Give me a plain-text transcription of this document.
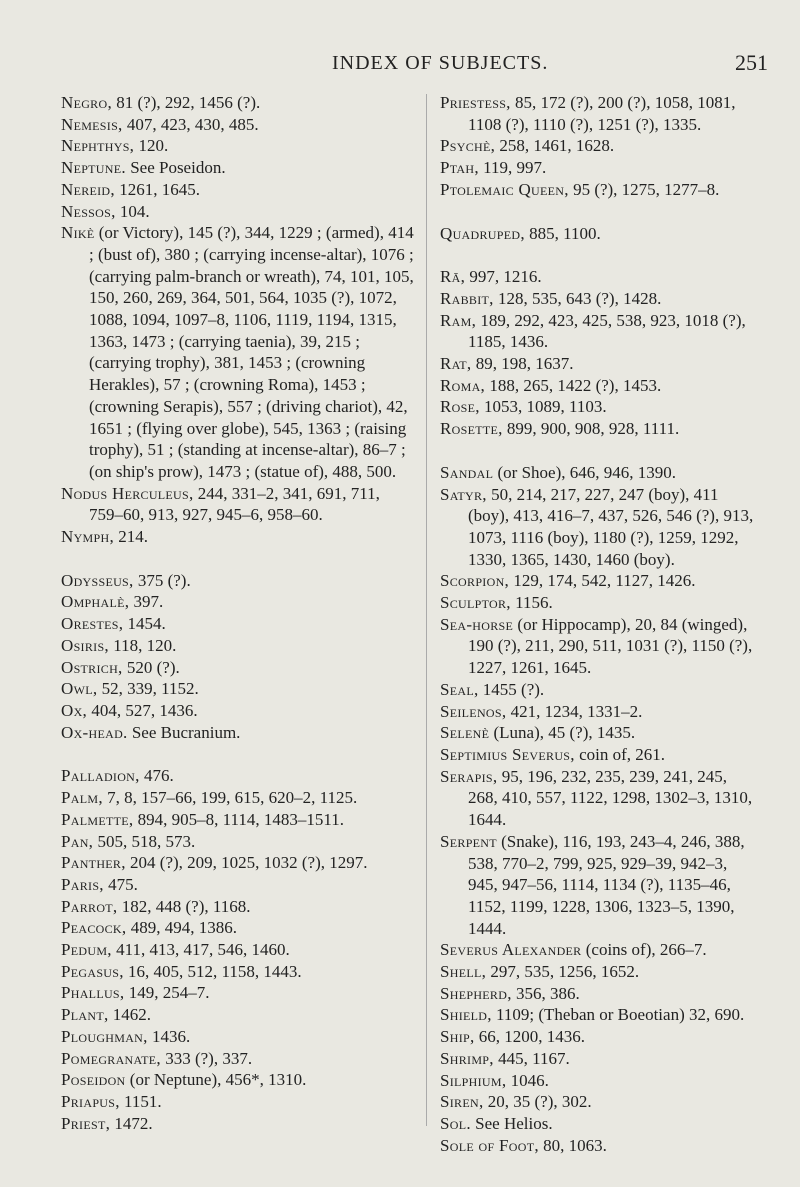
INDEX OF SUBJECTS.	251

Negro, 81 (?), 292, 1456 (?).

Nemesis, 407, 423, 430, 485.

Nephthys, 120.

Neptune. See Poseidon.

Nereid, 1261, 1645.

Nessos, 104.

Nikè (or Victory), 145 (?), 344, 1229 ; (armed), 414 ; (bust of), 380 ; (carrying incense-altar), 1076 ; (carrying palm-branch or wreath), 74, 101, 105, 150, 260, 269, 364, 501, 564, 1035 (?), 1072, 1088, 1094, 1097–8, 1106, 1119, 1194, 1315, 1363, 1473 ; (carrying taenia), 39, 215 ; (carrying trophy), 381, 1453 ; (crowning Herakles), 57 ; (crowning Roma), 1453 ; (crowning Serapis), 557 ; (driving chariot), 42, 1651 ; (flying over globe), 545, 1363 ; (raising trophy), 51 ; (standing at incense-altar), 86–7 ; (on ship's prow), 1473 ; (statue of), 488, 500.

Nodus Herculeus, 244, 331–2, 341, 691, 711, 759–60, 913, 927, 945–6, 958–60.

Nymph, 214.

Odysseus, 375 (?).

Omphalè, 397.

Orestes, 1454.

Osiris, 118, 120.

Ostrich, 520 (?).

Owl, 52, 339, 1152.

Ox, 404, 527, 1436.

Ox-head. See Bucranium.

Palladion, 476.

Palm, 7, 8, 157–66, 199, 615, 620–2, 1125.

Palmette, 894, 905–8, 1114, 1483–1511.

Pan, 505, 518, 573.

Panther, 204 (?), 209, 1025, 1032 (?), 1297.

Paris, 475.

Parrot, 182, 448 (?), 1168.

Peacock, 489, 494, 1386.

Pedum, 411, 413, 417, 546, 1460.

Pegasus, 16, 405, 512, 1158, 1443.

Phallus, 149, 254–7.

Plant, 1462.

Ploughman, 1436.

Pomegranate, 333 (?), 337.

Poseidon (or Neptune), 456*, 1310.

Priapus, 1151.

Priest, 1472.

Priestess, 85, 172 (?), 200 (?), 1058, 1081, 1108 (?), 1110 (?), 1251 (?), 1335.

Psychè, 258, 1461, 1628.

Ptah, 119, 997.

Ptolemaic Queen, 95 (?), 1275, 1277–8.

Quadruped, 885, 1100.

Rā, 997, 1216.

Rabbit, 128, 535, 643 (?), 1428.

Ram, 189, 292, 423, 425, 538, 923, 1018 (?), 1185, 1436.

Rat, 89, 198, 1637.

Roma, 188, 265, 1422 (?), 1453.

Rose, 1053, 1089, 1103.

Rosette, 899, 900, 908, 928, 1111.

Sandal (or Shoe), 646, 946, 1390.

Satyr, 50, 214, 217, 227, 247 (boy), 411 (boy), 413, 416–7, 437, 526, 546 (?), 913, 1073, 1116 (boy), 1180 (?), 1259, 1292, 1330, 1365, 1430, 1460 (boy).

Scorpion, 129, 174, 542, 1127, 1426.

Sculptor, 1156.

Sea-horse (or Hippocamp), 20, 84 (winged), 190 (?), 211, 290, 511, 1031 (?), 1150 (?), 1227, 1261, 1645.

Seal, 1455 (?).

Seilenos, 421, 1234, 1331–2.

Selenè (Luna), 45 (?), 1435.

Septimius Severus, coin of, 261.

Serapis, 95, 196, 232, 235, 239, 241, 245, 268, 410, 557, 1122, 1298, 1302–3, 1310, 1644.

Serpent (Snake), 116, 193, 243–4, 246, 388, 538, 770–2, 799, 925, 929–39, 942–3, 945, 947–56, 1114, 1134 (?), 1135–46, 1152, 1199, 1228, 1306, 1323–5, 1390, 1444.

Severus Alexander (coins of), 266–7.

Shell, 297, 535, 1256, 1652.

Shepherd, 356, 386.

Shield, 1109; (Theban or Boeotian) 32, 690.

Ship, 66, 1200, 1436.

Shrimp, 445, 1167.

Silphium, 1046.

Siren, 20, 35 (?), 302.

Sol. See Helios.

Sole of Foot, 80, 1063.
